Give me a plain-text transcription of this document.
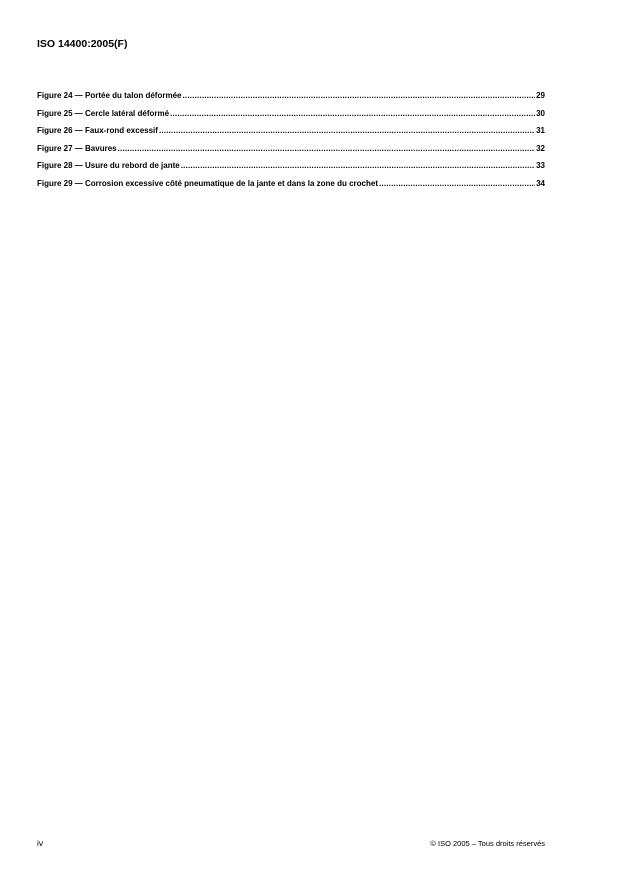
ISO 14400:2005(F)
Figure 24 — Portée du talon déformée .....	29
Figure 25 — Cercle latéral déformé .....	30
Figure 26 — Faux-rond excessif .....	31
Figure 27 — Bavures .....	32
Figure 28 — Usure du rebord de jante .....	33
Figure 29 — Corrosion excessive côté pneumatique de la jante et dans la zone du crochet .....	34
iv	© ISO 2005 – Tous droits réservés
